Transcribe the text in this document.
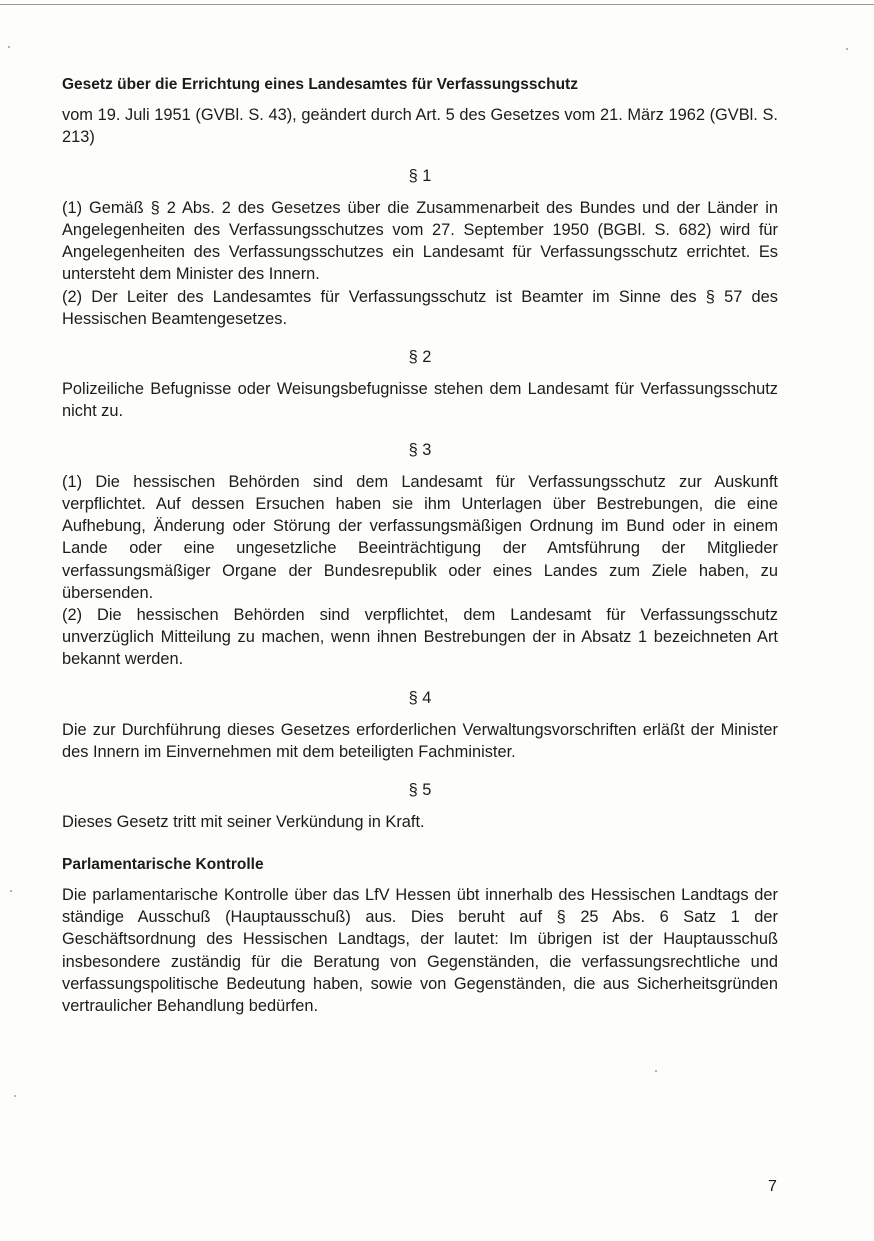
Gesetz über die Errichtung eines Landesamtes für Verfassungsschutz

vom 19. Juli 1951 (GVBl. S. 43), geändert durch Art. 5 des Gesetzes vom 21. März 1962 (GVBl. S. 213)

§ 1

(1) Gemäß § 2 Abs. 2 des Gesetzes über die Zusammenarbeit des Bundes und der Länder in Angelegenheiten des Verfassungsschutzes vom 27. September 1950 (BGBl. S. 682) wird für Angelegenheiten des Verfassungsschutzes ein Landesamt für Verfassungsschutz errichtet. Es untersteht dem Minister des Innern.

(2) Der Leiter des Landesamtes für Verfassungsschutz ist Beamter im Sinne des § 57 des Hessischen Beamtengesetzes.

§ 2

Polizeiliche Befugnisse oder Weisungsbefugnisse stehen dem Landesamt für Verfassungsschutz nicht zu.

§ 3

(1) Die hessischen Behörden sind dem Landesamt für Verfassungsschutz zur Auskunft verpflichtet. Auf dessen Ersuchen haben sie ihm Unterlagen über Bestrebungen, die eine Aufhebung, Änderung oder Störung der verfassungsmäßigen Ordnung im Bund oder in einem Lande oder eine ungesetzliche Beeinträchtigung der Amtsführung der Mitglieder verfassungsmäßiger Organe der Bundesrepublik oder eines Landes zum Ziele haben, zu übersenden.

(2) Die hessischen Behörden sind verpflichtet, dem Landesamt für Verfassungsschutz unverzüglich Mitteilung zu machen, wenn ihnen Bestrebungen der in Absatz 1 bezeichneten Art bekannt werden.

§ 4

Die zur Durchführung dieses Gesetzes erforderlichen Verwaltungsvorschriften erläßt der Minister des Innern im Einvernehmen mit dem beteiligten Fachminister.

§ 5

Dieses Gesetz tritt mit seiner Verkündung in Kraft.

Parlamentarische Kontrolle

Die parlamentarische Kontrolle über das LfV Hessen übt innerhalb des Hessischen Landtags der ständige Ausschuß (Hauptausschuß) aus. Dies beruht auf § 25 Abs. 6 Satz 1 der Geschäftsordnung des Hessischen Landtags, der lautet: Im übrigen ist der Hauptausschuß insbesondere zuständig für die Beratung von Gegenständen, die verfassungsrechtliche und verfassungspolitische Bedeutung haben, sowie von Gegenständen, die aus Sicherheitsgründen vertraulicher Behandlung bedürfen.

7
